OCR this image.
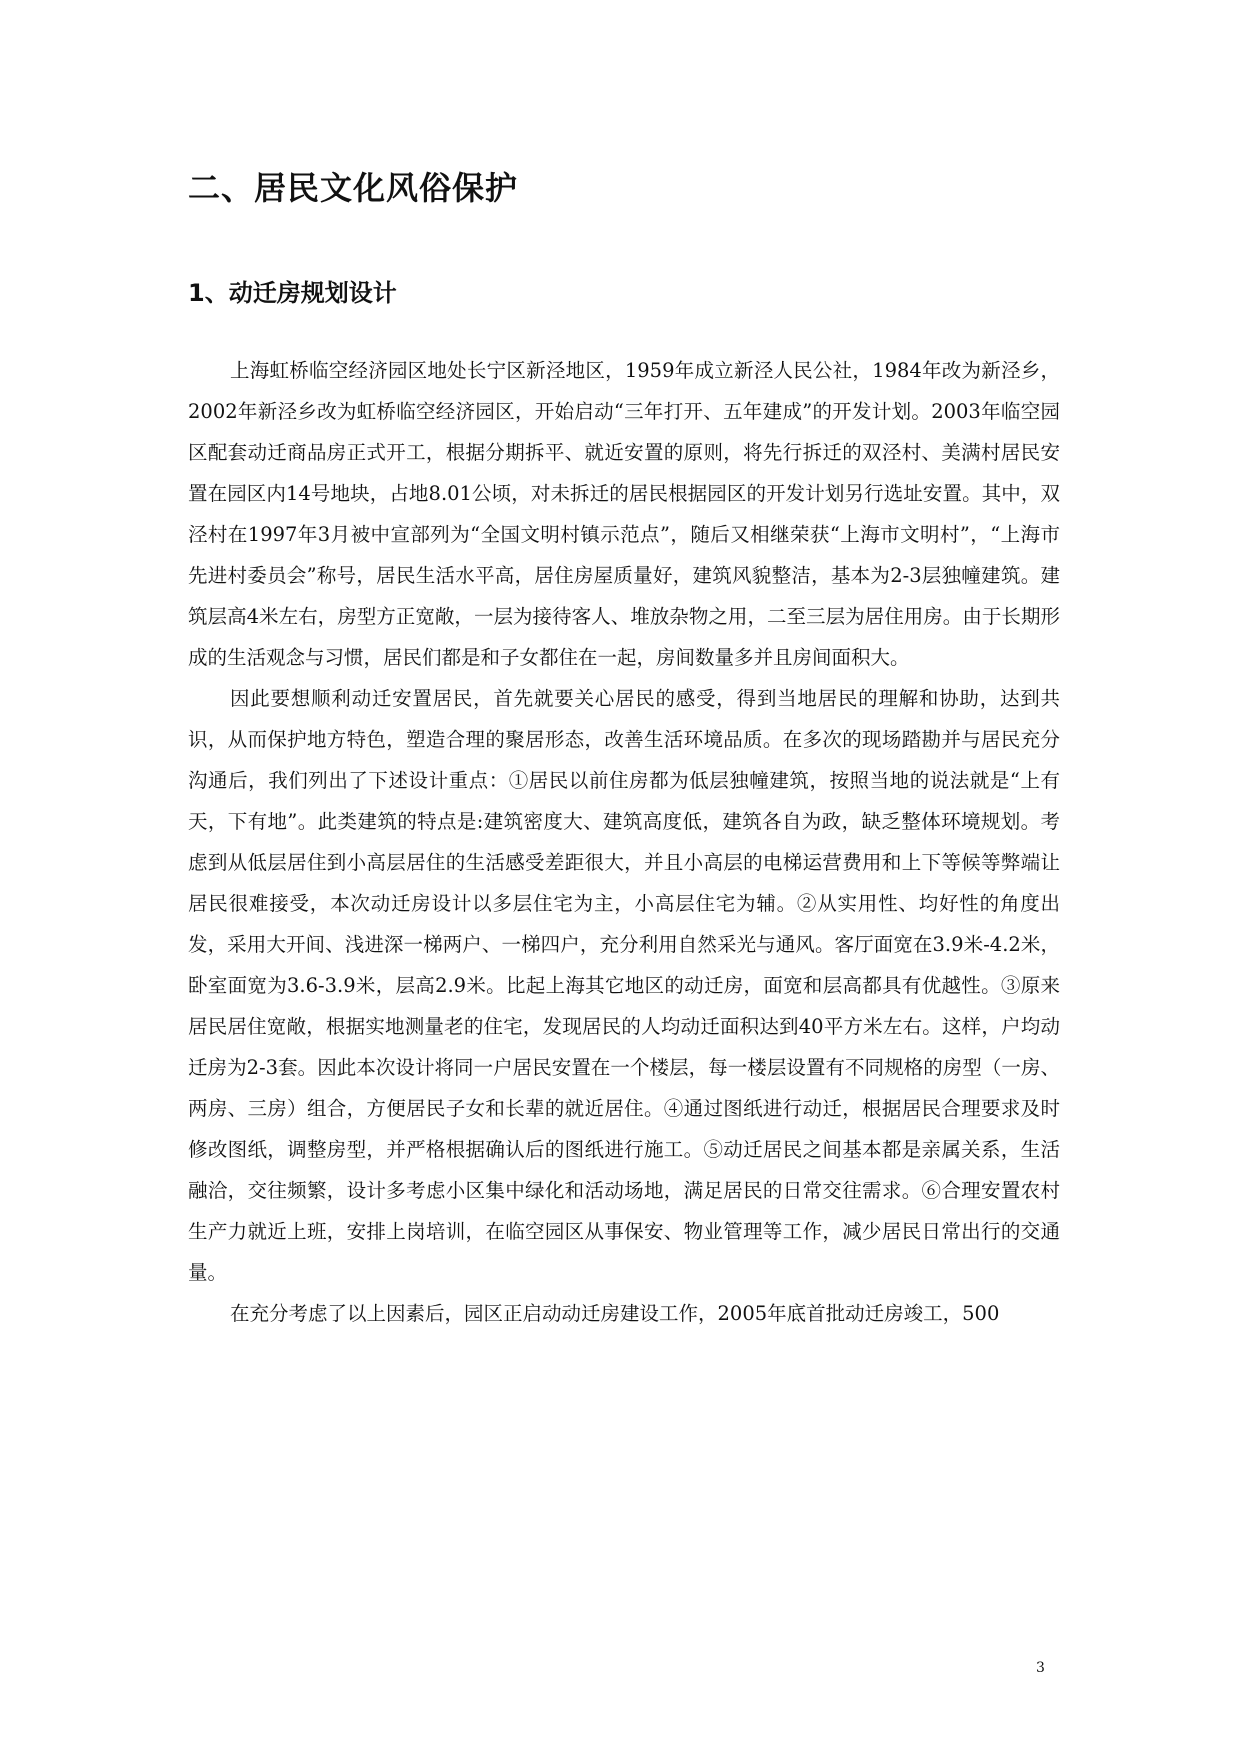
二、居民文化风俗保护
1、动迁房规划设计

上海虹桥临空经济园区地处长宁区新泾地区，1959年成立新泾人民公社，1984年改为新泾乡，2002年新泾乡改为虹桥临空经济园区，开始启动“三年打开、五年建成”的开发计划。2003年临空园区配套动迁商品房正式开工，根据分期拆平、就近安置的原则，将先行拆迁的双泾村、美满村居民安置在园区内14号地块，占地8.01公顷，对未拆迁的居民根据园区的开发计划另行选址安置。其中，双泾村在1997年3月被中宣部列为“全国文明村镇示范点”，随后又相继荣获“上海市文明村”，“上海市先进村委员会”称号，居民生活水平高，居住房屋质量好，建筑风貌整洁，基本为2-3层独幢建筑。建筑层高4米左右，房型方正宽敞，一层为接待客人、堆放杂物之用，二至三层为居住用房。由于长期形成的生活观念与习惯，居民们都是和子女都住在一起，房间数量多并且房间面积大。

因此要想顺利动迁安置居民，首先就要关心居民的感受，得到当地居民的理解和协助，达到共识，从而保护地方特色，塑造合理的聚居形态，改善生活环境品质。在多次的现场踏勘并与居民充分沟通后，我们列出了下述设计重点：①居民以前住房都为低层独幢建筑，按照当地的说法就是“上有天，下有地”。此类建筑的特点是:建筑密度大、建筑高度低，建筑各自为政，缺乏整体环境规划。考虑到从低层居住到小高层居住的生活感受差距很大，并且小高层的电梯运营费用和上下等候等弊端让居民很难接受，本次动迁房设计以多层住宅为主，小高层住宅为辅。②从实用性、均好性的角度出发，采用大开间、浅进深一梯两户、一梯四户，充分利用自然采光与通风。客厅面宽在3.9米-4.2米，卧室面宽为3.6-3.9米，层高2.9米。比起上海其它地区的动迁房，面宽和层高都具有优越性。③原来居民居住宽敞，根据实地测量老的住宅，发现居民的人均动迁面积达到40平方米左右。这样，户均动迁房为2-3套。因此本次设计将同一户居民安置在一个楼层，每一楼层设置有不同规格的房型（一房、两房、三房）组合，方便居民子女和长辈的就近居住。④通过图纸进行动迁，根据居民合理要求及时修改图纸，调整房型，并严格根据确认后的图纸进行施工。⑤动迁居民之间基本都是亲属关系，生活融洽，交往频繁，设计多考虑小区集中绿化和活动场地，满足居民的日常交往需求。⑥合理安置农村生产力就近上班，安排上岗培训，在临空园区从事保安、物业管理等工作，减少居民日常出行的交通量。

在充分考虑了以上因素后，园区正启动动迁房建设工作，2005年底首批动迁房竣工，500

3
